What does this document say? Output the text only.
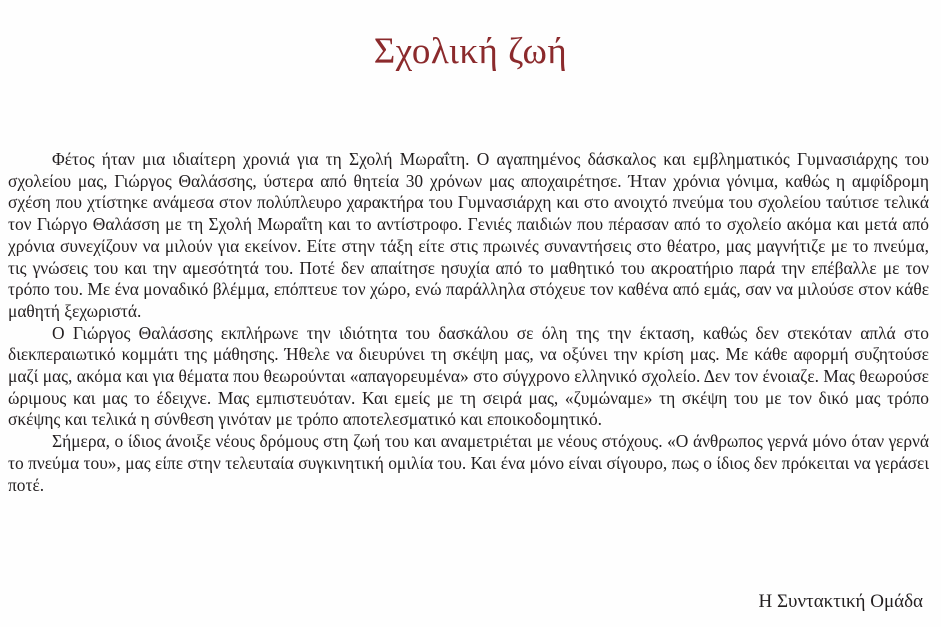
Σχολική ζωή

Φέτος ήταν μια ιδιαίτερη χρονιά για τη Σχολή Μωραΐτη. Ο αγαπημένος δάσκαλος και εμβληματικός Γυμνασιάρχης του σχολείου μας, Γιώργος Θαλάσσης, ύστερα από θητεία 30 χρόνων μας αποχαιρέτησε. Ήταν χρόνια γόνιμα, καθώς η αμφίδρομη σχέση που χτίστηκε ανάμεσα στον πολύπλευρο χαρακτήρα του Γυμνασιάρχη και στο ανοιχτό πνεύμα του σχολείου ταύτισε τελικά τον Γιώργο Θαλάσση με τη Σχολή Μωραΐτη και το αντίστροφο. Γενιές παιδιών που πέρασαν από το σχολείο ακόμα και μετά από χρόνια συνεχίζουν να μιλούν για εκείνον. Είτε στην τάξη είτε στις πρωινές συναντήσεις στο θέατρο, μας μαγνήτιζε με το πνεύμα, τις γνώσεις του και την αμεσότητά του. Ποτέ δεν απαίτησε ησυχία από το μαθητικό του ακροατήριο παρά την επέβαλλε με τον τρόπο του. Με ένα μοναδικό βλέμμα, επόπτευε τον χώρο, ενώ παράλληλα στόχευε τον καθένα από εμάς, σαν να μιλούσε στον κάθε μαθητή ξεχωριστά.

Ο Γιώργος Θαλάσσης εκπλήρωνε την ιδιότητα του δασκάλου σε όλη της την έκταση, καθώς δεν στεκόταν απλά στο διεκπεραιωτικό κομμάτι της μάθησης. Ήθελε να διευρύνει τη σκέψη μας, να οξύνει την κρίση μας. Με κάθε αφορμή συζητούσε μαζί μας, ακόμα και για θέματα που θεωρούνται «απαγορευμένα» στο σύγχρονο ελληνικό σχολείο. Δεν τον ένοιαζε. Μας θεωρούσε ώριμους και μας το έδειχνε. Μας εμπιστευόταν. Και εμείς με τη σειρά μας, «ζυμώναμε» τη σκέψη του με τον δικό μας τρόπο σκέψης και τελικά η σύνθεση γινόταν με τρόπο αποτελεσματικό και εποικοδομητικό.

Σήμερα, ο ίδιος άνοιξε νέους δρόμους στη ζωή του και αναμετριέται με νέους στόχους. «Ο άνθρωπος γερνά μόνο όταν γερνά το πνεύμα του», μας είπε στην τελευταία συγκινητική ομιλία του. Και ένα μόνο είναι σίγουρο, πως ο ίδιος δεν πρόκειται να γεράσει ποτέ.

Η Συντακτική Ομάδα
